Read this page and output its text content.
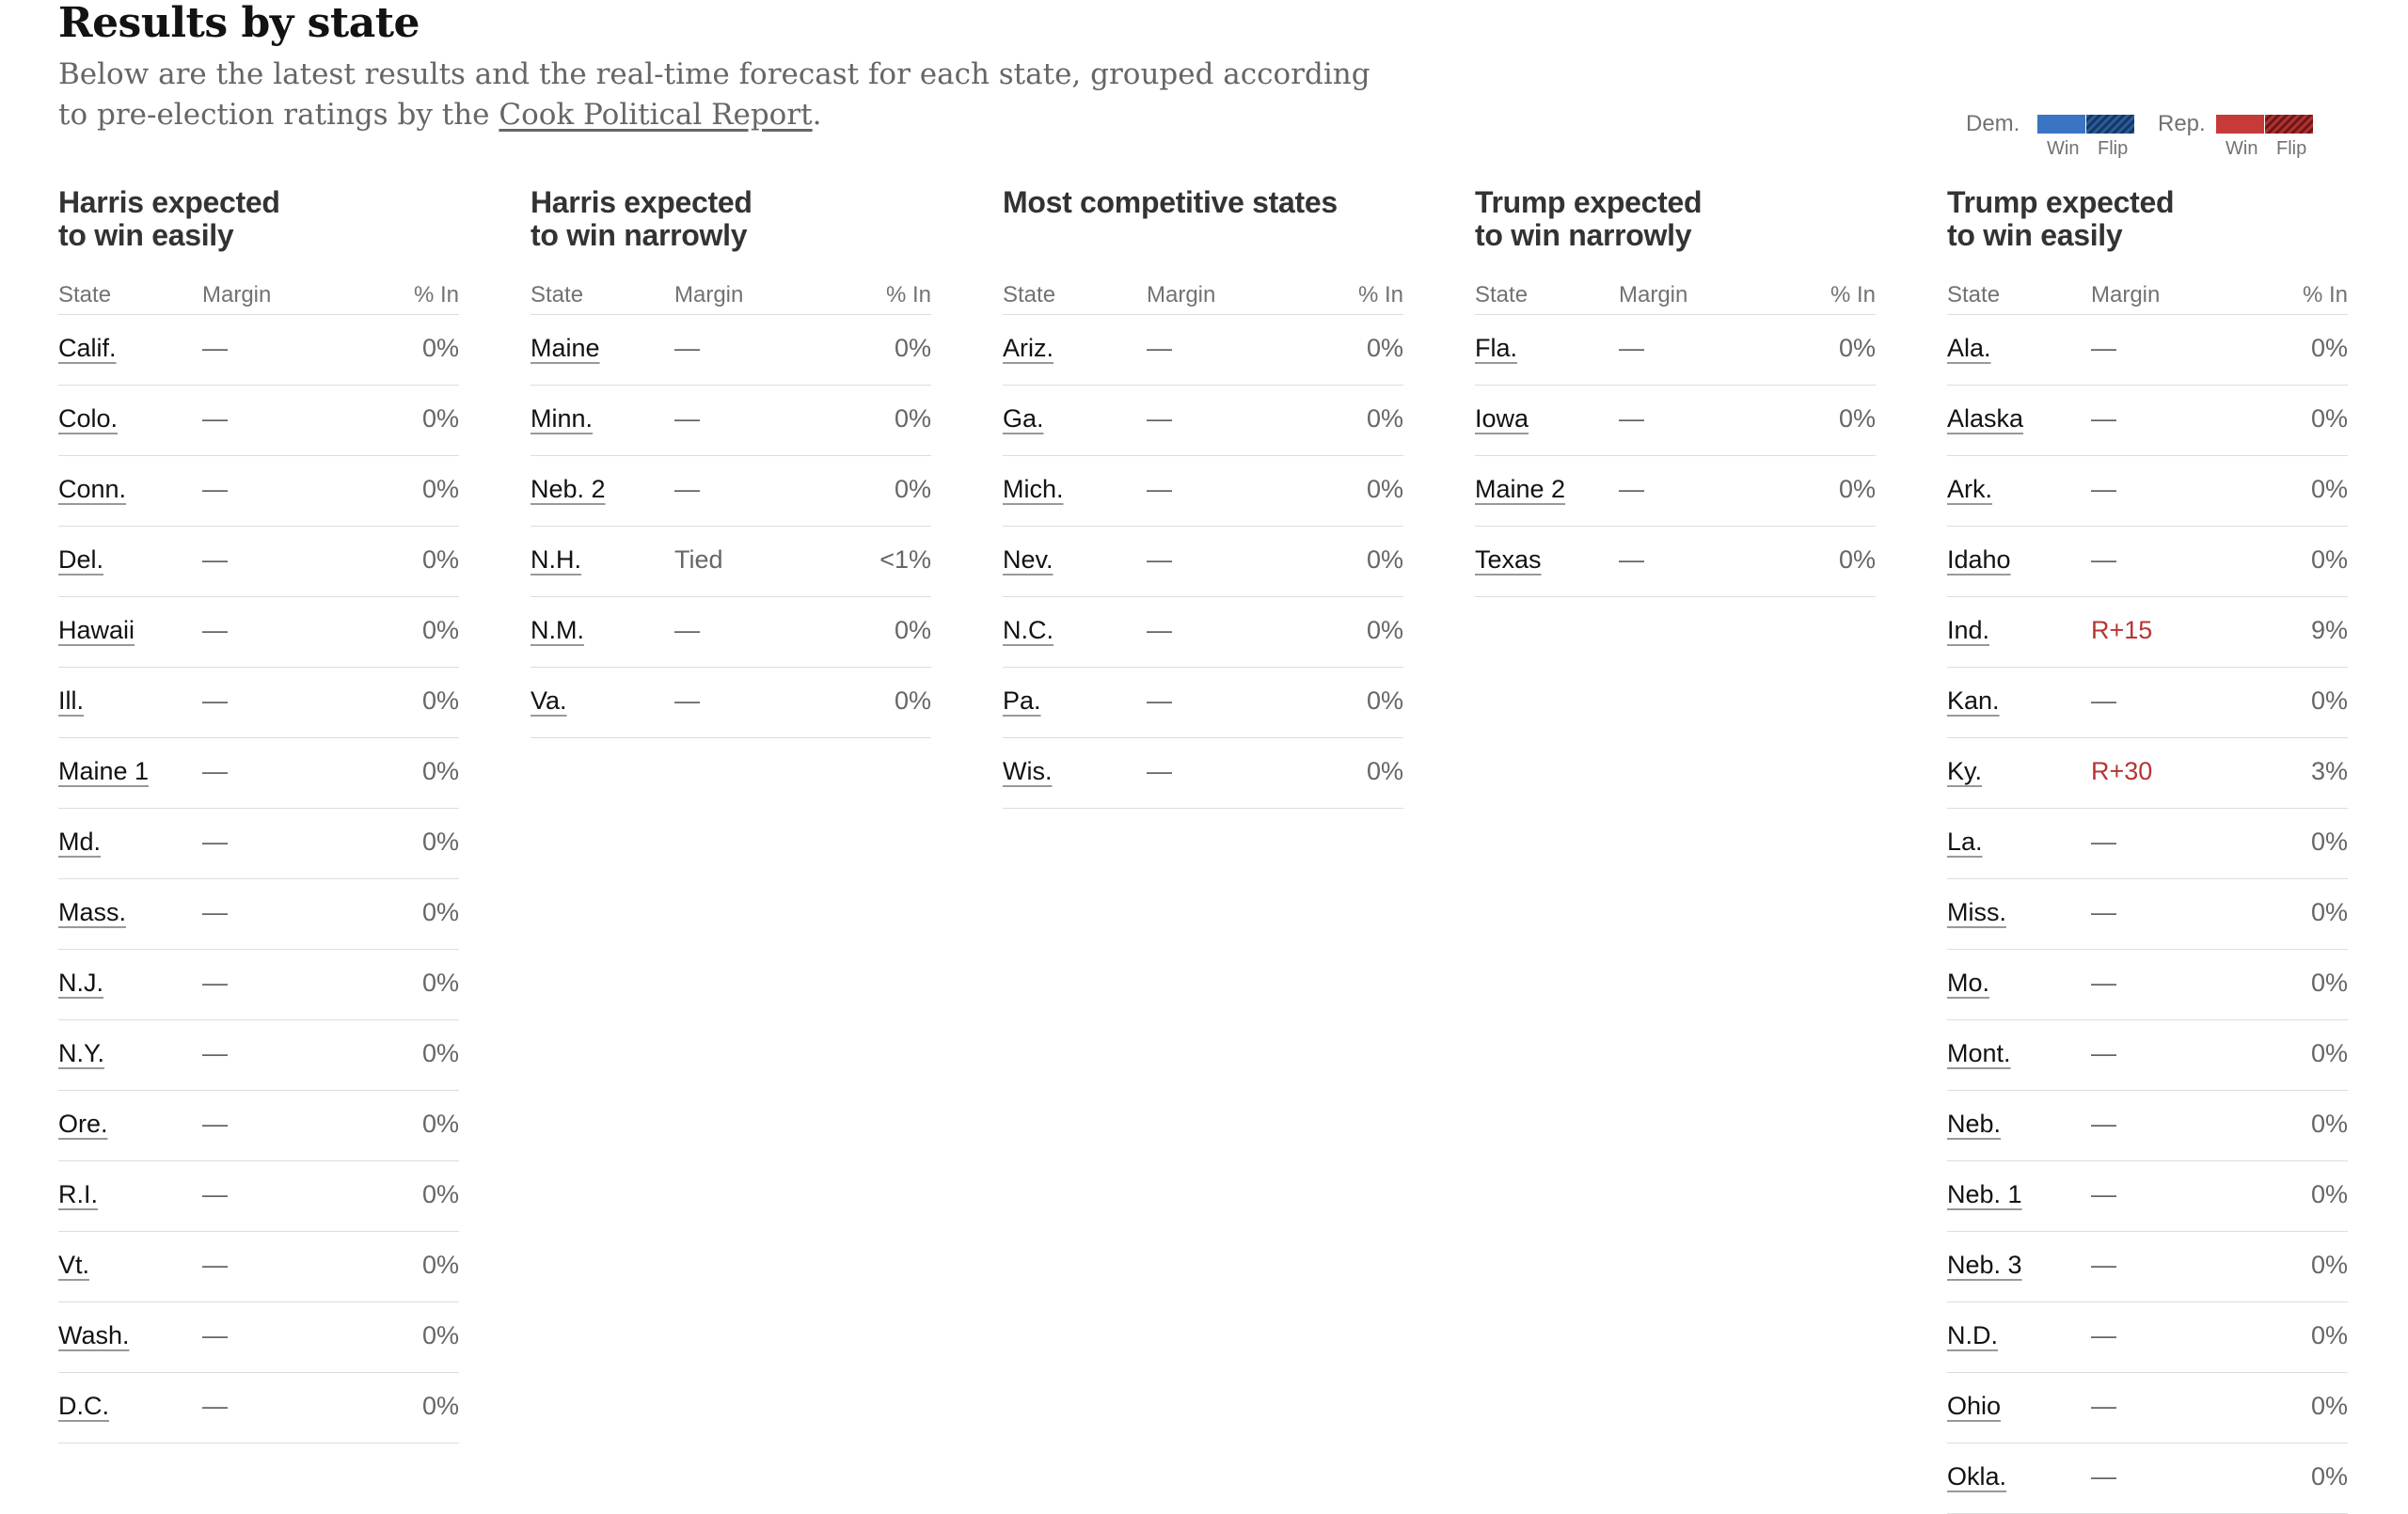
Results by state
Below are the latest results and the real-time forecast for each state, grouped according to pre-election ratings by the Cook Political Report.	Dem.
Win Flip
Rep.
Win Flip
Harris expected
to win easily
State	Margin	% In
Calif.	—	0%
Colo.	—	0%
Conn.	—	0%
Del.	—	0%
Hawaii	—	0%
Ill.	—	0%
Maine 1 —	0%
Md.	—	0%
Mass.	—	0%
N.J.	—	0%
N.Y.	—	0%
Ore.	—	0%
R.I.	—	0%
Vt.	—	0%
Wash.	—	0%
D.C.	—	0%
Harris expected
to win narrowly
State	Margin	% In
Maine	—	0%
Minn.	—	0%
Neb. 2	—	0%
N.H.	Tied	<1%
N.M.	—	0%
Va.	—	0%
Most competitive states
State	Margin	% In
Ariz.	—	0%
Ga.	—	0%
Mich.	—	0%
Nev.	—	0%
N.C.	—	0%
Pa.	—	0%
Wis.	—	0%
Trump expected
to win narrowly
State	Margin	% In
Fla.	—	0%
Iowa	—	0%
Maine 2 —	0%
Texas	—	0%
Trump expected
to win easily
State	Margin	% In
Ala.	—	0%
Alaska	—	0%
Ark.	—	0%
Idaho	—	0%
Ind.	R+15	9%
Kan.	—	0%
Ky.	R+30	3%
La.	—	0%
Miss.	—	0%
Mo.	—	0%
Mont.	—	0%
Neb.	—	0%
Neb. 1	—	0%
Neb. 3	—	0%
N.D.	—	0%
Ohio	—	0%
Okla.	—	0%
